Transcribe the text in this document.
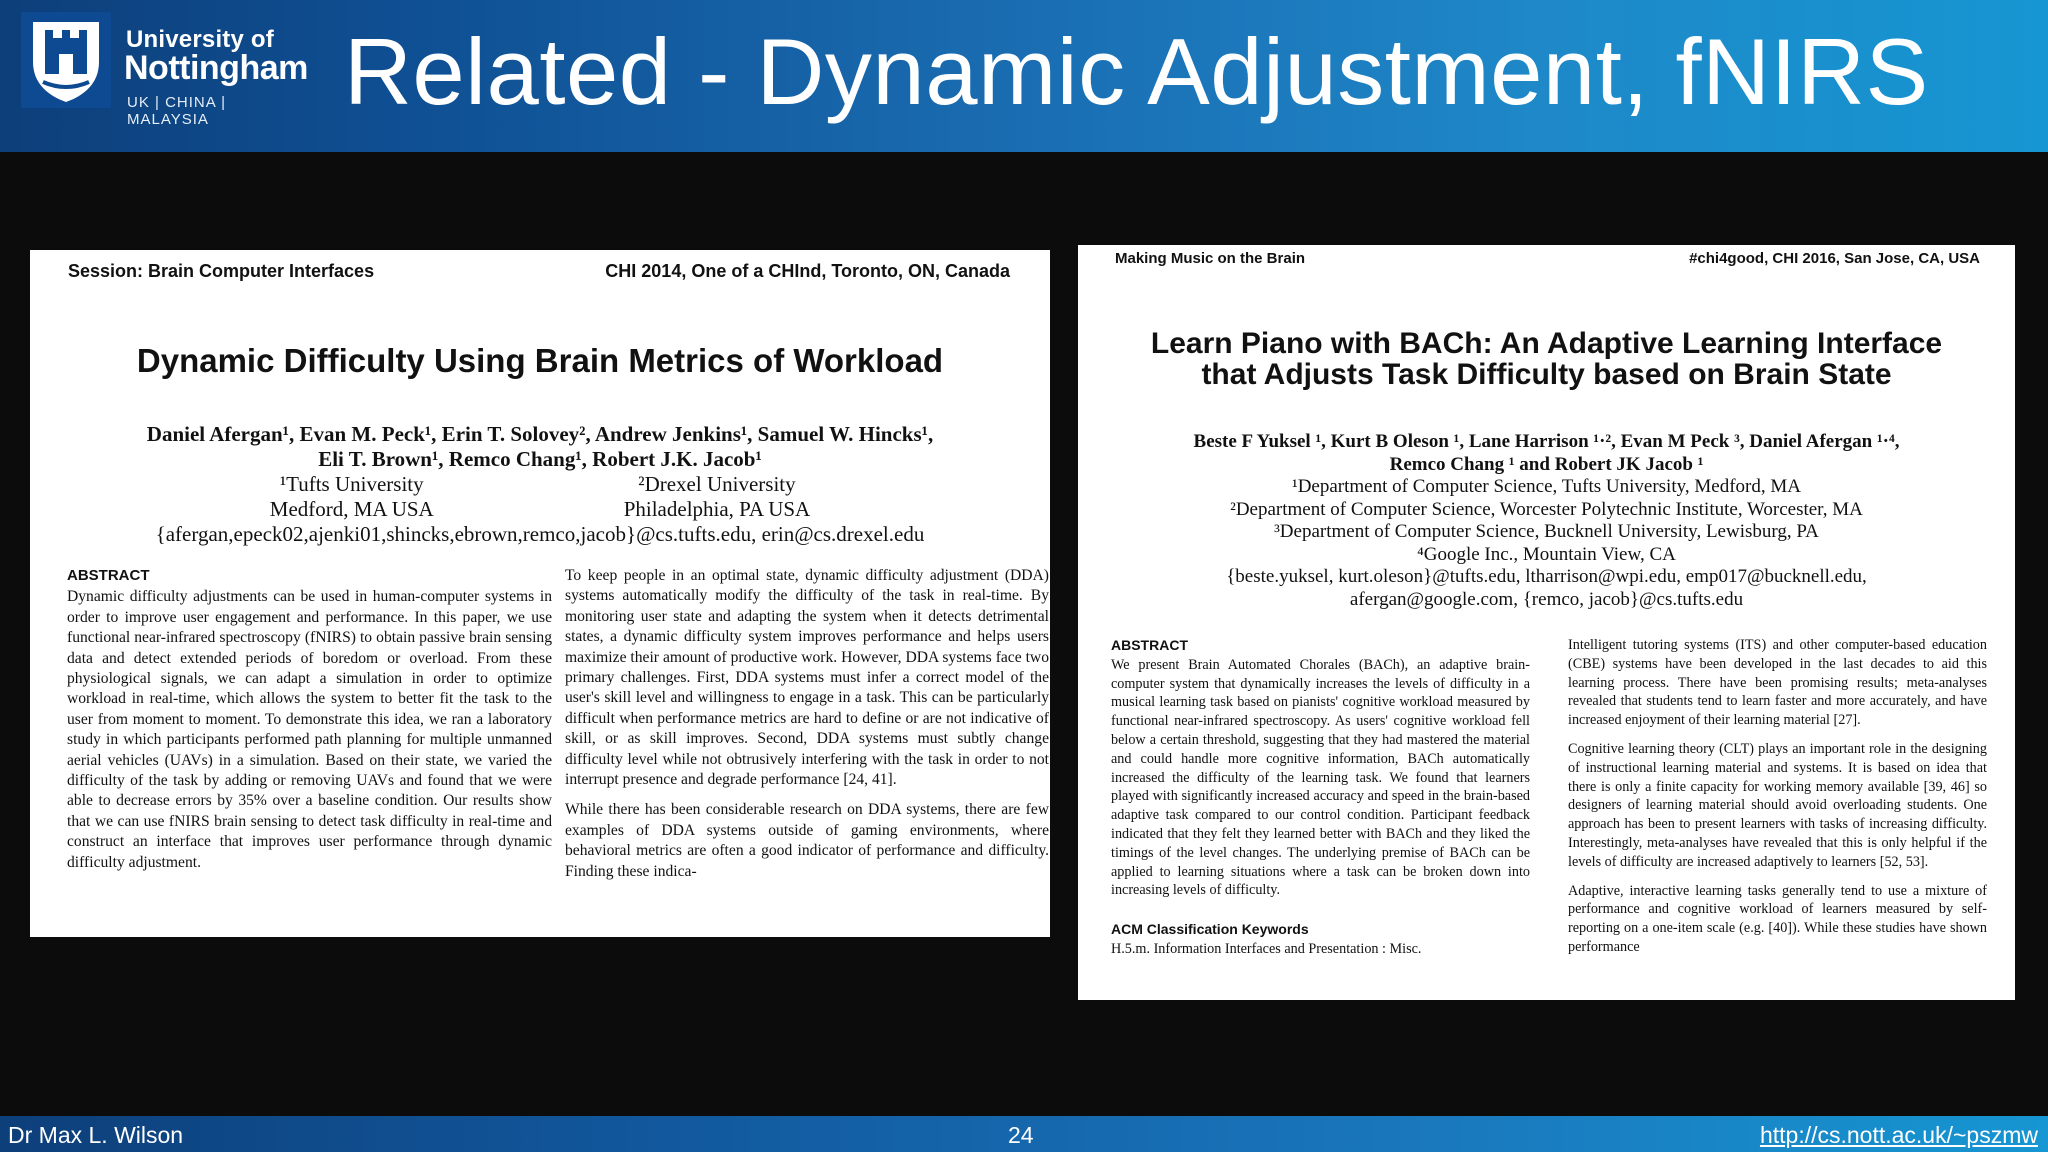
University of
Nottingham
UK | CHINA | MALAYSIA	Related - Dynamic Adjustment, fNIRS
Session: Brain Computer Interfaces	CHI 2014, One of a CHInd, Toronto, ON, Canada
Dynamic Difficulty Using Brain Metrics of Workload
Daniel Afergan¹, Evan M. Peck¹, Erin T. Solovey², Andrew Jenkins¹, Samuel W. Hincks¹,
Eli T. Brown¹, Remco Chang¹, Robert J.K. Jacob¹
¹Tufts University
Medford, MA USA
²Drexel University
Philadelphia, PA USA
{afergan,epeck02,ajenki01,shincks,ebrown,remco,jacob}@cs.tufts.edu, erin@cs.drexel.edu
ABSTRACT
Dynamic difficulty adjustments can be used in human-computer systems in order to improve user engagement and performance. In this paper, we use functional near-infrared spectroscopy (fNIRS) to obtain passive brain sensing data and detect extended periods of boredom or overload. From these physiological signals, we can adapt a simulation in order to optimize workload in real-time, which allows the system to better fit the task to the user from moment to moment. To demonstrate this idea, we ran a laboratory study in which participants performed path planning for multiple unmanned aerial vehicles (UAVs) in a simulation. Based on their state, we varied the difficulty of the task by adding or removing UAVs and found that we were able to decrease errors by 35% over a baseline condition. Our results show that we can use fNIRS brain sensing to detect task difficulty in real-time and construct an interface that improves user performance through dynamic difficulty adjustment.
To keep people in an optimal state, dynamic difficulty adjustment (DDA) systems automatically modify the difficulty of the task in real-time. By monitoring user state and adapting the system when it detects detrimental states, a dynamic difficulty system improves performance and helps users maximize their amount of productive work. However, DDA systems face two primary challenges. First, DDA systems must infer a correct model of the user's skill level and willingness to engage in a task. This can be particularly difficult when performance metrics are hard to define or are not indicative of skill, or as skill improves. Second, DDA systems must subtly change difficulty level while not obtrusively interfering with the task in order to not interrupt presence and degrade performance [24, 41].
While there has been considerable research on DDA systems, there are few examples of DDA systems outside of gaming environments, where behavioral metrics are often a good indicator of performance and difficulty. Finding these indica-
Making Music on the Brain	#chi4good, CHI 2016, San Jose, CA, USA
Learn Piano with BACh: An Adaptive Learning Interface
that Adjusts Task Difficulty based on Brain State
Beste F Yuksel ¹, Kurt B Oleson ¹, Lane Harrison ¹·², Evan M Peck ³, Daniel Afergan ¹·⁴,
Remco Chang ¹ and Robert JK Jacob ¹
¹Department of Computer Science, Tufts University, Medford, MA
²Department of Computer Science, Worcester Polytechnic Institute, Worcester, MA
³Department of Computer Science, Bucknell University, Lewisburg, PA
⁴Google Inc., Mountain View, CA
{beste.yuksel, kurt.oleson}@tufts.edu, ltharrison@wpi.edu, emp017@bucknell.edu,
afergan@google.com, {remco, jacob}@cs.tufts.edu
ABSTRACT
We present Brain Automated Chorales (BACh), an adaptive brain-computer system that dynamically increases the levels of difficulty in a musical learning task based on pianists' cognitive workload measured by functional near-infrared spectroscopy. As users' cognitive workload fell below a certain threshold, suggesting that they had mastered the material and could handle more cognitive information, BACh automatically increased the difficulty of the learning task. We found that learners played with significantly increased accuracy and speed in the brain-based adaptive task compared to our control condition. Participant feedback indicated that they felt they learned better with BACh and they liked the timings of the level changes. The underlying premise of BACh can be applied to learning situations where a task can be broken down into increasing levels of difficulty.
ACM Classification Keywords
H.5.m. Information Interfaces and Presentation : Misc.
Intelligent tutoring systems (ITS) and other computer-based education (CBE) systems have been developed in the last decades to aid this learning process. There have been promising results; meta-analyses revealed that students tend to learn faster and more accurately, and have increased enjoyment of their learning material [27].
Cognitive learning theory (CLT) plays an important role in the designing of instructional learning material and systems. It is based on idea that there is only a finite capacity for working memory available [39, 46] so designers of learning material should avoid overloading students. One approach has been to present learners with tasks of increasing difficulty. Interestingly, meta-analyses have revealed that this is only helpful if the levels of difficulty are increased adaptively to learners [52, 53].
Adaptive, interactive learning tasks generally tend to use a mixture of performance and cognitive workload of learners measured by self-reporting on a one-item scale (e.g. [40]). While these studies have shown performance
Dr Max L. Wilson	24	http://cs.nott.ac.uk/~pszmw
